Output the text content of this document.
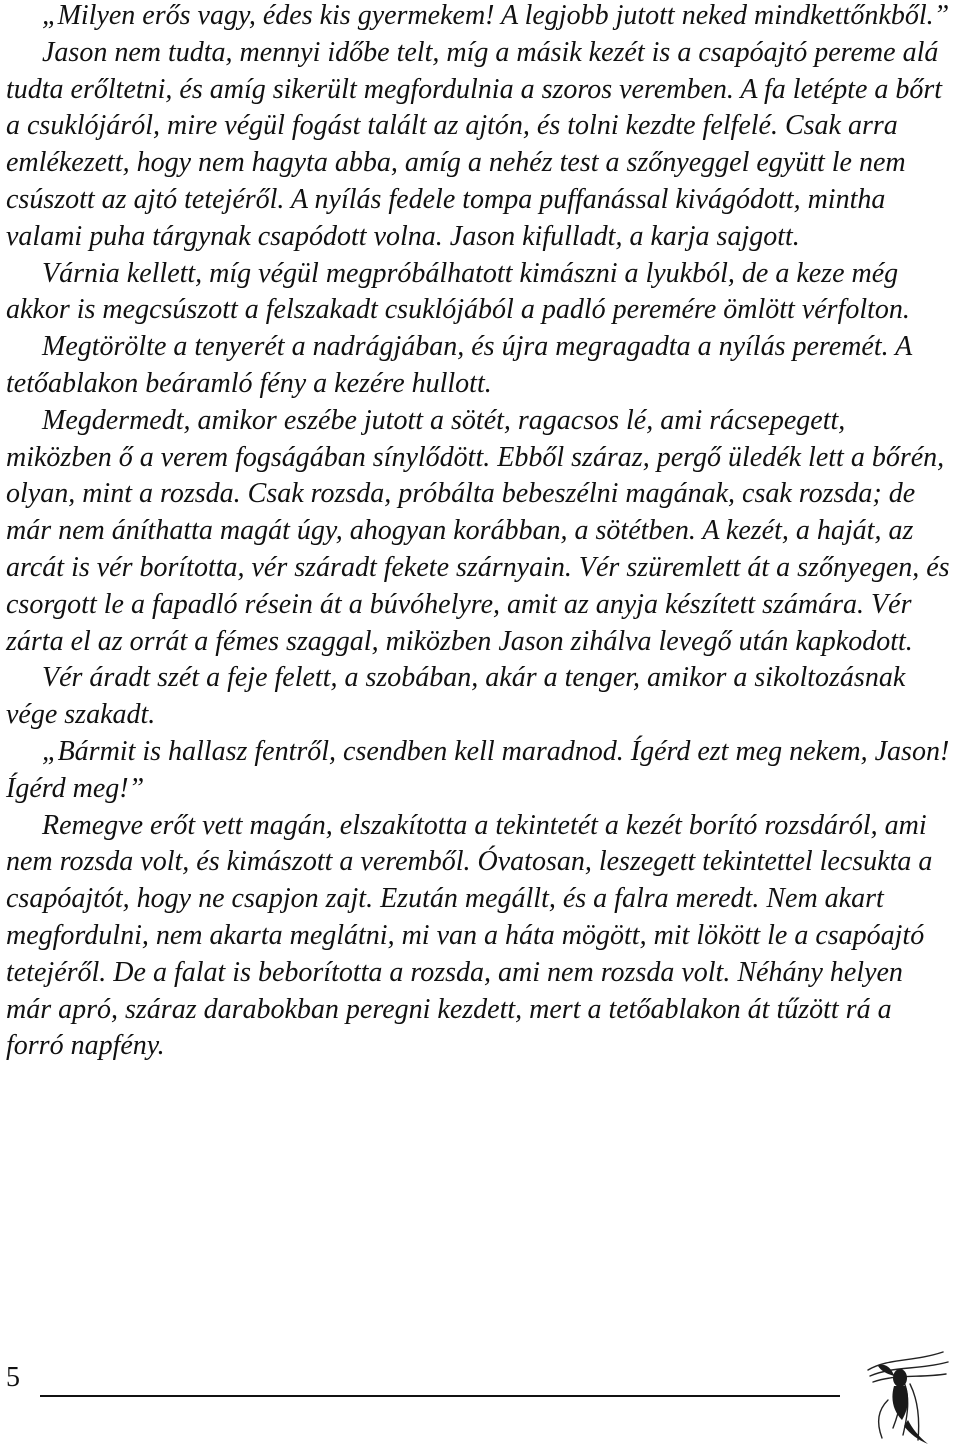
„Milyen erős vagy, édes kis gyermekem! A legjobb jutott neked mindkettőnkből.”

Jason nem tudta, mennyi időbe telt, míg a másik kezét is a csapóajtó pereme alá tudta erőltetni, és amíg sikerült megfordulnia a szoros veremben. A fa letépte a bőrt a csuklójáról, mire végül fogást talált az ajtón, és tolni kezdte felfelé. Csak arra emlékezett, hogy nem hagyta abba, amíg a nehéz test a szőnyeggel együtt le nem csúszott az ajtó tetejéről. A nyílás fedele tompa puffanással kivágódott, mintha valami puha tárgynak csapódott volna. Jason kifulladt, a karja sajgott.

Várnia kellett, míg végül megpróbálhatott kimászni a lyukból, de a keze még akkor is megcsúszott a felszakadt csuklójából a padló peremére ömlött vérfolton.

Megtörölte a tenyerét a nadrágjában, és újra megragadta a nyílás peremét. A tetőablakon beáramló fény a kezére hullott.

Megdermedt, amikor eszébe jutott a sötét, ragacsos lé, ami rácsepegett, miközben ő a verem fogságában sínylődött. Ebből száraz, pergő üledék lett a bőrén, olyan, mint a rozsda. Csak rozsda, próbálta bebeszélni magának, csak rozsda; de már nem áníthatta magát úgy, ahogyan korábban, a sötétben. A kezét, a haját, az arcát is vér borította, vér száradt fekete szárnyain. Vér szüremlett át a szőnyegen, és csorgott le a fapadló résein át a búvóhelyre, amit az anyja készített számára. Vér zárta el az orrát a fémes szaggal, miközben Jason zihálva levegő után kapkodott.

Vér áradt szét a feje felett, a szobában, akár a tenger, amikor a sikoltozásnak vége szakadt.

„Bármit is hallasz fentről, csendben kell maradnod. Ígérd ezt meg nekem, Jason! Ígérd meg!”

Remegve erőt vett magán, elszakította a tekintetét a kezét borító rozsdáról, ami nem rozsda volt, és kimászott a veremből. Óvatosan, leszegett tekintettel lecsukta a csapóajtót, hogy ne csapjon zajt. Ezután megállt, és a falra meredt. Nem akart megfordulni, nem akarta meglátni, mi van a háta mögött, mit lökött le a csapóajtó tetejéről. De a falat is beborította a rozsda, ami nem rozsda volt. Néhány helyen már apró, száraz darabokban peregni kezdett, mert a tetőablakon át tűzött rá a forró napfény.

5
